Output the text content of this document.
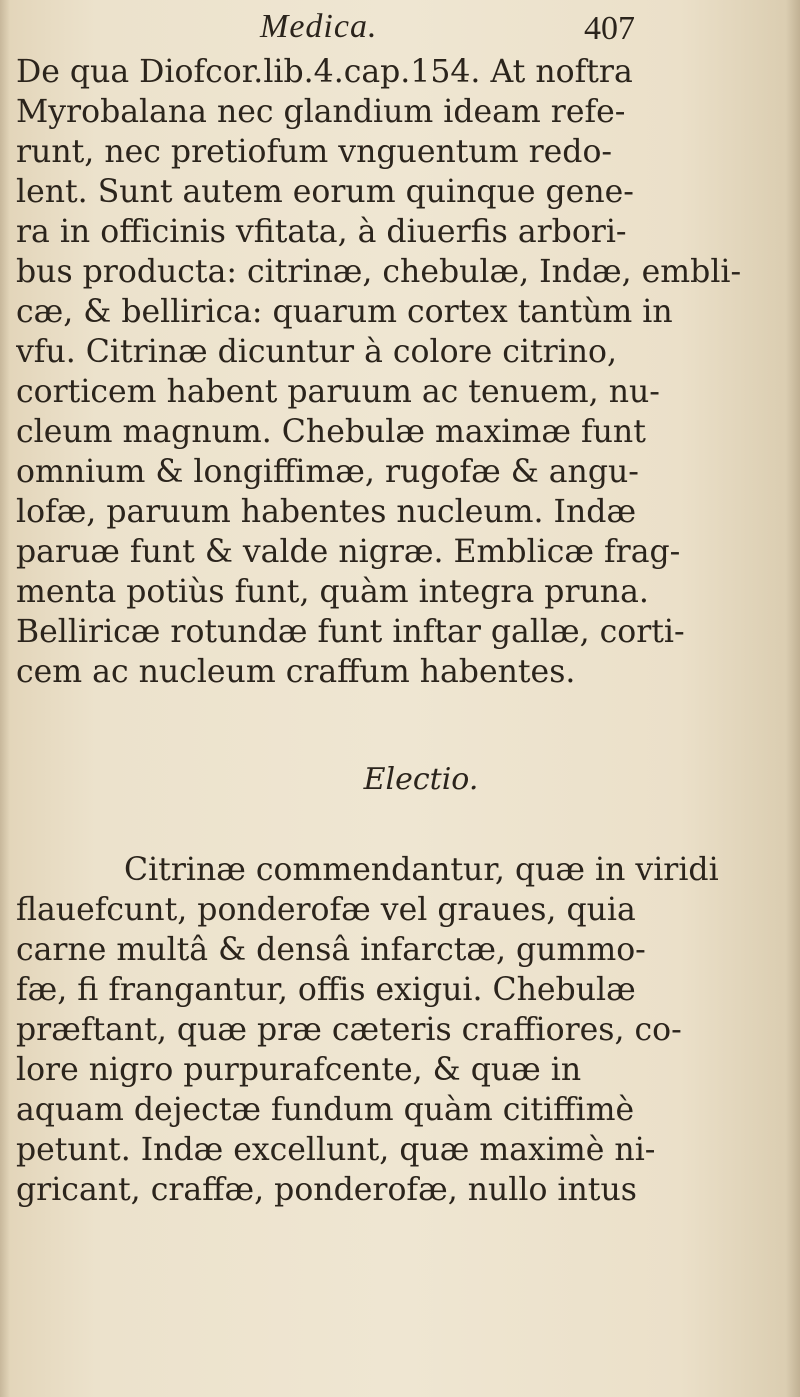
Medica.	407
De qua Diofcor.lib.4.cap.154. At noftra
Myrobalana nec glandium ideam refe-
runt, nec pretiofum vnguentum redo-
lent. Sunt autem eorum quinque gene-
ra in officinis vfitata, à diuerfis arbori-
bus producta: citrinæ, chebulæ, Indæ, embli-
cæ, & bellirica: quarum cortex tantùm in
vfu. Citrinæ dicuntur à colore citrino,
corticem habent paruum ac tenuem, nu-
cleum magnum. Chebulæ maximæ funt
omnium & longiffimæ, rugofæ & angu-
lofæ, paruum habentes nucleum. Indæ
paruæ funt & valde nigræ. Emblicæ frag-
menta potiùs funt, quàm integra pruna.
Belliricæ rotundæ funt inftar gallæ, corti-
cem ac nucleum craffum habentes.
Electio.
Citrinæ commendantur, quæ in viridi
flauefcunt, ponderofæ vel graues, quia
carne multâ & densâ infarctæ, gummo-
fæ, fi frangantur, offis exigui. Chebulæ
præftant, quæ præ cæteris craffiores, co-
lore nigro purpurafcente, & quæ in
aquam dejectæ fundum quàm citiffimè
petunt. Indæ excellunt, quæ maximè ni-
gricant, craffæ, ponderofæ, nullo intus
